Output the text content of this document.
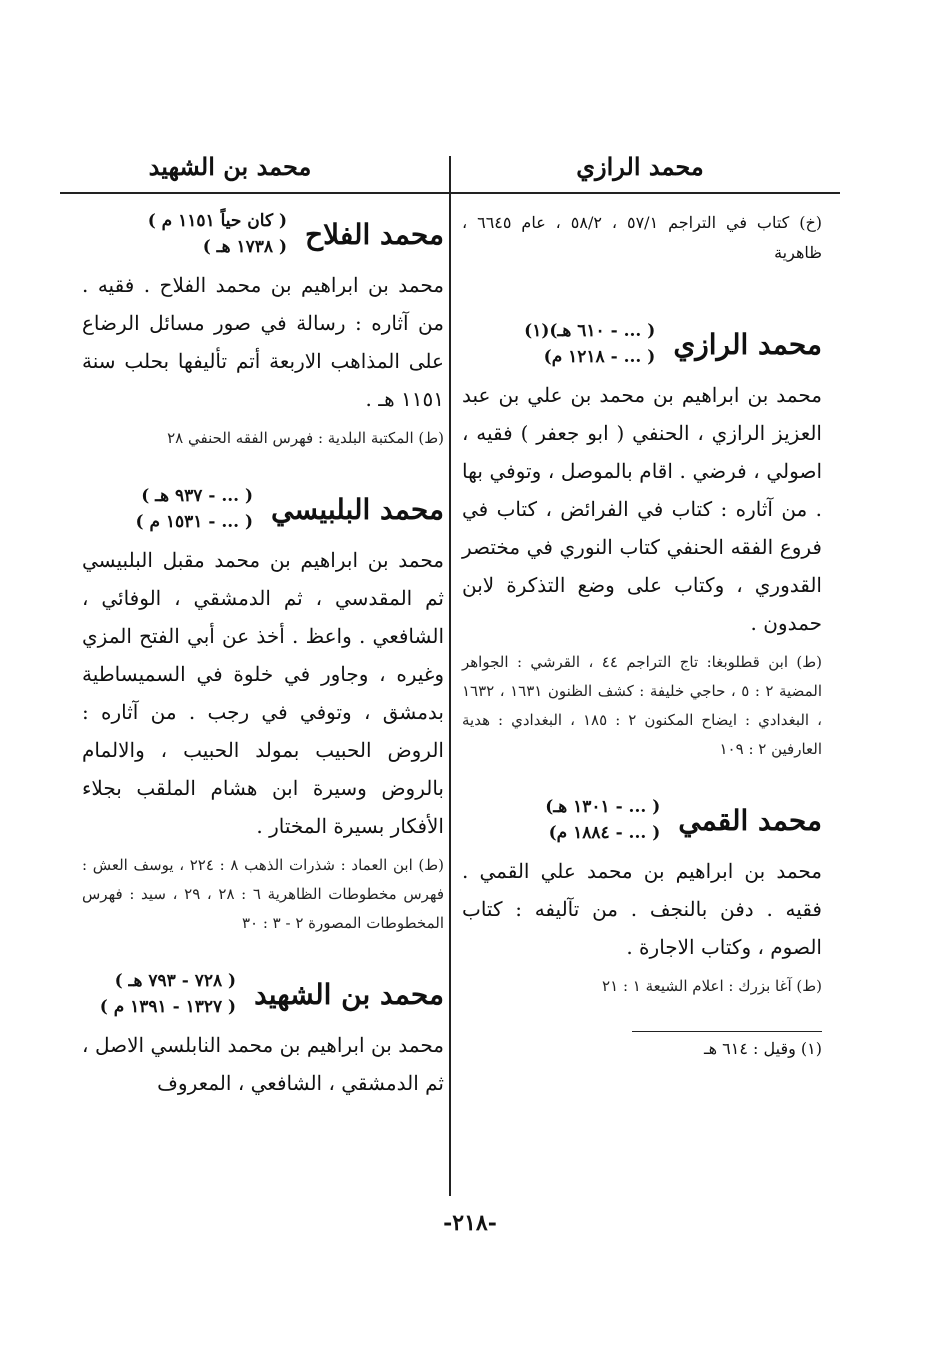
محمد الرازي
محمد بن الشهيد
(خ) كتاب في التراجم ٥٧/١ ، ٥٨/٢ ، عام ٦٦٤٥ ، ظاهرية
محمد الرازي
( ... - ٦١٠ هـ)(١)
( ... - ١٢١٨ م)
محمد بن ابراهيم بن محمد بن علي بن عبد العزيز الرازي ، الحنفي ( ابو جعفر ) فقيه ، اصولي ، فرضي . اقام بالموصل ، وتوفي بها . من آثاره : كتاب في الفرائض ، كتاب في فروع الفقه الحنفي كتاب النوري في مختصر القدوري ، وكتاب على وضع التذكرة لابن حمدون .
(ط) ابن قطلوبغا: تاج التراجم ٤٤ ، القرشي : الجواهر المضية ٢ : ٥ ، حاجي خليفة : كشف الظنون ١٦٣١ ، ١٦٣٢ ، البغدادي : ايضاح المكنون ٢ : ١٨٥ ، البغدادي : هدية العارفين ٢ : ١٠٩
محمد القمي
( ... - ١٣٠١ هـ)
( ... - ١٨٨٤ م)
محمد بن ابراهيم بن محمد علي القمي . فقيه . دفن بالنجف . من تآليفه : كتاب الصوم ، وكتاب الاجارة .
(ط) آغا بزرك : اعلام الشيعة ١ : ٢١
(١) وقيل : ٦١٤ هـ
محمد الفلاح
( كان حياً ١١٥١ م )
( ١٧٣٨ هـ )
محمد بن ابراهيم بن محمد الفلاح . فقيه . من آثاره : رسالة في صور مسائل الرضاع على المذاهب الاربعة أتم تأليفها بحلب سنة ١١٥١ هـ .
(ط) المكتبة البلدية : فهرس الفقه الحنفي ٢٨
محمد البلبيسي
( ... - ٩٣٧ هـ )
( ... - ١٥٣١ م )
محمد بن ابراهيم بن محمد مقبل البلبيسي ثم المقدسي ، ثم الدمشقي ، الوفائي ، الشافعي . واعظ . أخذ عن أبي الفتح المزي وغيره ، وجاور في خلوة في السميساطية بدمشق ، وتوفي في رجب . من آثاره : الروض الحبيب بمولد الحبيب ، والالمام بالروض وسيرة ابن هشام الملقب بجلاء الأفكار بسيرة المختار .
(ط) ابن العماد : شذرات الذهب ٨ : ٢٢٤ ، يوسف العش : فهرس مخطوطات الظاهرية ٦ : ٢٨ ، ٢٩ ، سيد : فهرس المخطوطات المصورة ٢ - ٣ : ٣٠
محمد بن الشهيد
( ٧٢٨ - ٧٩٣ هـ )
( ١٣٢٧ - ١٣٩١ م )
محمد بن ابراهيم بن محمد النابلسي الاصل ، ثم الدمشقي ، الشافعي ، المعروف
-٢١٨-
